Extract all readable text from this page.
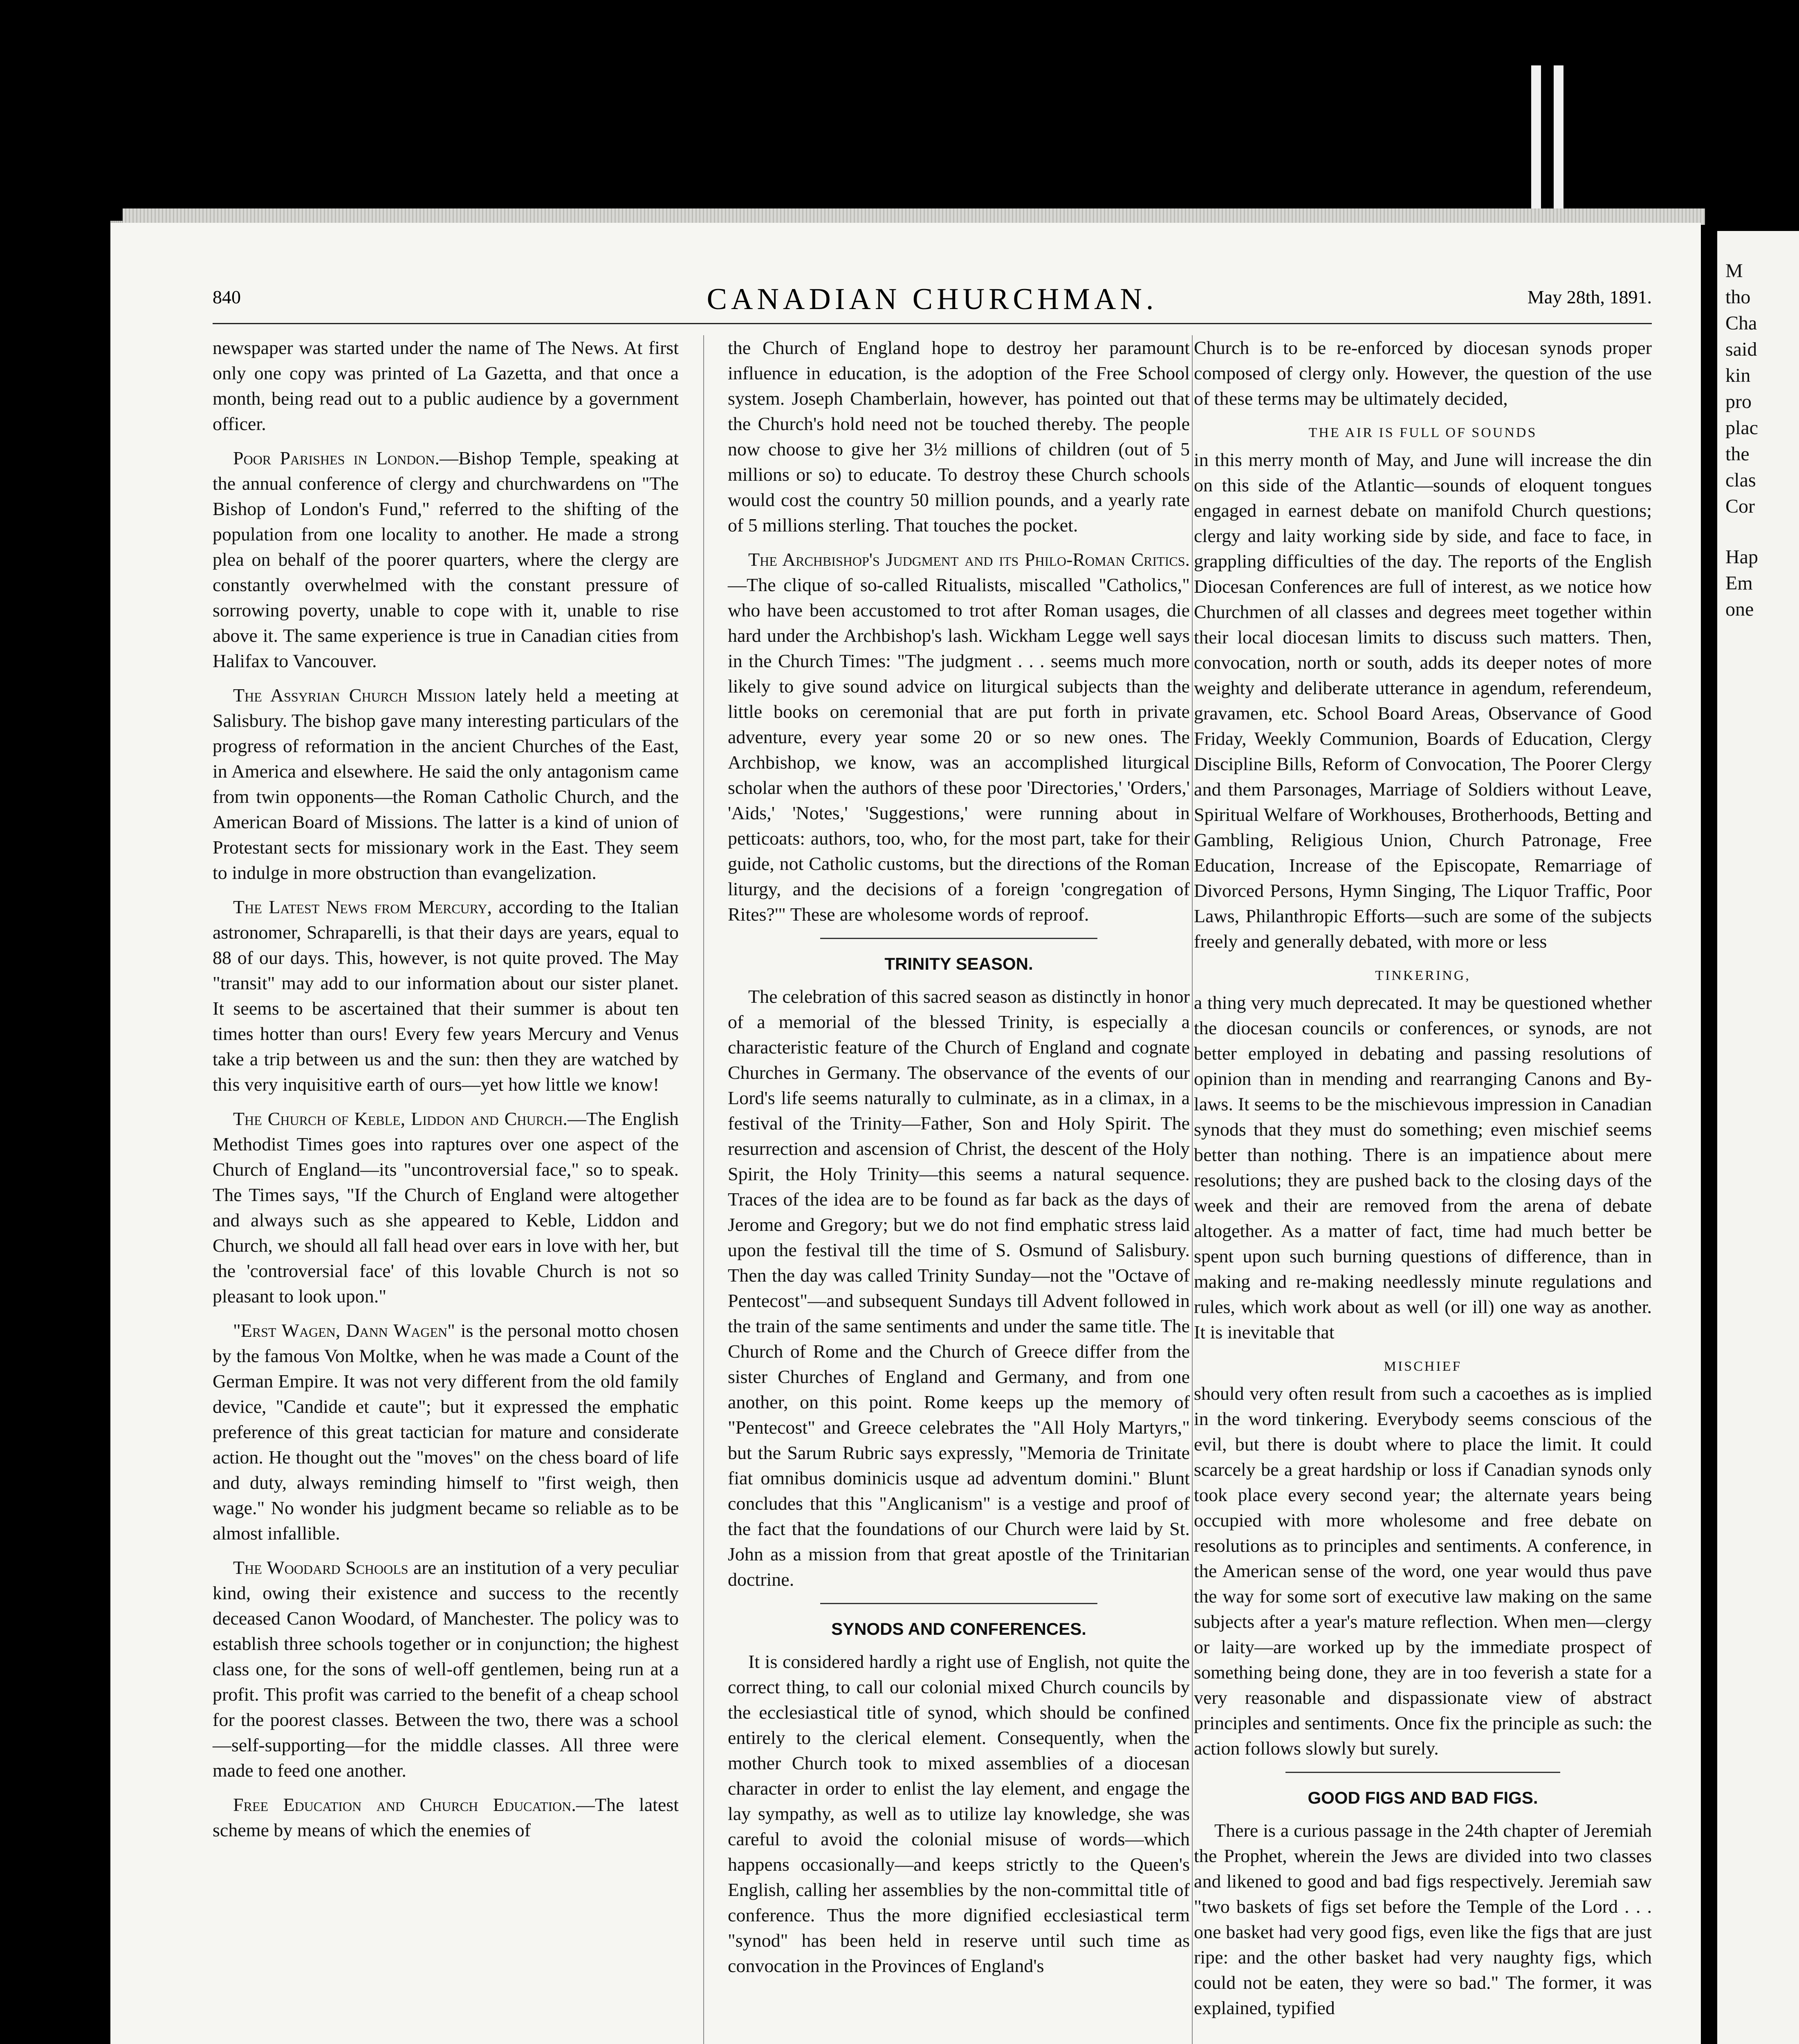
M
tho
Cha
said
kin
pro
plac
the
clas
Cor
Hap
Em
one
840	CANADIAN CHURCHMAN.	May 28th, 1891.

newspaper was started under the name of The News. At first only one copy was printed of La Gazetta, and that once a month, being read out to a public audience by a government officer.

Poor Parishes in London.—Bishop Temple, speaking at the annual conference of clergy and churchwardens on "The Bishop of London's Fund," referred to the shifting of the population from one locality to another. He made a strong plea on behalf of the poorer quarters, where the clergy are constantly overwhelmed with the constant pressure of sorrowing poverty, unable to cope with it, unable to rise above it. The same experience is true in Canadian cities from Halifax to Vancouver.

The Assyrian Church Mission lately held a meeting at Salisbury. The bishop gave many interesting particulars of the progress of reformation in the ancient Churches of the East, in America and elsewhere. He said the only antagonism came from twin opponents—the Roman Catholic Church, and the American Board of Missions. The latter is a kind of union of Protestant sects for missionary work in the East. They seem to indulge in more obstruction than evangelization.

The Latest News from Mercury, according to the Italian astronomer, Schraparelli, is that their days are years, equal to 88 of our days. This, however, is not quite proved. The May "transit" may add to our information about our sister planet. It seems to be ascertained that their summer is about ten times hotter than ours! Every few years Mercury and Venus take a trip between us and the sun: then they are watched by this very inquisitive earth of ours—yet how little we know!

The Church of Keble, Liddon and Church.—The English Methodist Times goes into raptures over one aspect of the Church of England—its "uncontroversial face," so to speak. The Times says, "If the Church of England were altogether and always such as she appeared to Keble, Liddon and Church, we should all fall head over ears in love with her, but the 'controversial face' of this lovable Church is not so pleasant to look upon."

"Erst Wagen, Dann Wagen" is the personal motto chosen by the famous Von Moltke, when he was made a Count of the German Empire. It was not very different from the old family device, "Candide et caute"; but it expressed the emphatic preference of this great tactician for mature and considerate action. He thought out the "moves" on the chess board of life and duty, always reminding himself to "first weigh, then wage." No wonder his judgment became so reliable as to be almost infallible.

The Woodard Schools are an institution of a very peculiar kind, owing their existence and success to the recently deceased Canon Woodard, of Manchester. The policy was to establish three schools together or in conjunction; the highest class one, for the sons of well-off gentlemen, being run at a profit. This profit was carried to the benefit of a cheap school for the poorest classes. Between the two, there was a school—self-supporting—for the middle classes. All three were made to feed one another.

Free Education and Church Education.—The latest scheme by means of which the enemies of

the Church of England hope to destroy her paramount influence in education, is the adoption of the Free School system. Joseph Chamberlain, however, has pointed out that the Church's hold need not be touched thereby. The people now choose to give her 3½ millions of children (out of 5 millions or so) to educate. To destroy these Church schools would cost the country 50 million pounds, and a yearly rate of 5 millions sterling. That touches the pocket.

The Archbishop's Judgment and its Philo-Roman Critics.—The clique of so-called Ritualists, miscalled "Catholics," who have been accustomed to trot after Roman usages, die hard under the Archbishop's lash. Wickham Legge well says in the Church Times: "The judgment . . . seems much more likely to give sound advice on liturgical subjects than the little books on ceremonial that are put forth in private adventure, every year some 20 or so new ones. The Archbishop, we know, was an accomplished liturgical scholar when the authors of these poor 'Directories,' 'Orders,' 'Aids,' 'Notes,' 'Suggestions,' were running about in petticoats: authors, too, who, for the most part, take for their guide, not Catholic customs, but the directions of the Roman liturgy, and the decisions of a foreign 'congregation of Rites?'" These are wholesome words of reproof.

TRINITY SEASON.

The celebration of this sacred season as distinctly in honor of a memorial of the blessed Trinity, is especially a characteristic feature of the Church of England and cognate Churches in Germany. The observance of the events of our Lord's life seems naturally to culminate, as in a climax, in a festival of the Trinity—Father, Son and Holy Spirit. The resurrection and ascension of Christ, the descent of the Holy Spirit, the Holy Trinity—this seems a natural sequence. Traces of the idea are to be found as far back as the days of Jerome and Gregory; but we do not find emphatic stress laid upon the festival till the time of S. Osmund of Salisbury. Then the day was called Trinity Sunday—not the "Octave of Pentecost"—and subsequent Sundays till Advent followed in the train of the same sentiments and under the same title. The Church of Rome and the Church of Greece differ from the sister Churches of England and Germany, and from one another, on this point. Rome keeps up the memory of "Pentecost" and Greece celebrates the "All Holy Martyrs," but the Sarum Rubric says expressly, "Memoria de Trinitate fiat omnibus dominicis usque ad adventum domini." Blunt concludes that this "Anglicanism" is a vestige and proof of the fact that the foundations of our Church were laid by St. John as a mission from that great apostle of the Trinitarian doctrine.

SYNODS AND CONFERENCES.

It is considered hardly a right use of English, not quite the correct thing, to call our colonial mixed Church councils by the ecclesiastical title of synod, which should be confined entirely to the clerical element. Consequently, when the mother Church took to mixed assemblies of a diocesan character in order to enlist the lay element, and engage the lay sympathy, as well as to utilize lay knowledge, she was careful to avoid the colonial misuse of words—which happens occasionally—and keeps strictly to the Queen's English, calling her assemblies by the non-committal title of conference. Thus the more dignified ecclesiastical term "synod" has been held in reserve until such time as convocation in the Provinces of England's

Church is to be re-enforced by diocesan synods proper composed of clergy only. However, the question of the use of these terms may be ultimately decided,

THE AIR IS FULL OF SOUNDS

in this merry month of May, and June will increase the din on this side of the Atlantic—sounds of eloquent tongues engaged in earnest debate on manifold Church questions; clergy and laity working side by side, and face to face, in grappling difficulties of the day. The reports of the English Diocesan Conferences are full of interest, as we notice how Churchmen of all classes and degrees meet together within their local diocesan limits to discuss such matters. Then, convocation, north or south, adds its deeper notes of more weighty and deliberate utterance in agendum, referendeum, gravamen, etc. School Board Areas, Observance of Good Friday, Weekly Communion, Boards of Education, Clergy Discipline Bills, Reform of Convocation, The Poorer Clergy and them Parsonages, Marriage of Soldiers without Leave, Spiritual Welfare of Workhouses, Brotherhoods, Betting and Gambling, Religious Union, Church Patronage, Free Education, Increase of the Episcopate, Remarriage of Divorced Persons, Hymn Singing, The Liquor Traffic, Poor Laws, Philanthropic Efforts—such are some of the subjects freely and generally debated, with more or less

TINKERING,

a thing very much deprecated. It may be questioned whether the diocesan councils or conferences, or synods, are not better employed in debating and passing resolutions of opinion than in mending and rearranging Canons and By-laws. It seems to be the mischievous impression in Canadian synods that they must do something; even mischief seems better than nothing. There is an impatience about mere resolutions; they are pushed back to the closing days of the week and their are removed from the arena of debate altogether. As a matter of fact, time had much better be spent upon such burning questions of difference, than in making and re-making needlessly minute regulations and rules, which work about as well (or ill) one way as another. It is inevitable that

MISCHIEF

should very often result from such a cacoethes as is implied in the word tinkering. Everybody seems conscious of the evil, but there is doubt where to place the limit. It could scarcely be a great hardship or loss if Canadian synods only took place every second year; the alternate years being occupied with more wholesome and free debate on resolutions as to principles and sentiments. A conference, in the American sense of the word, one year would thus pave the way for some sort of executive law making on the same subjects after a year's mature reflection. When men—clergy or laity—are worked up by the immediate prospect of something being done, they are in too feverish a state for a very reasonable and dispassionate view of abstract principles and sentiments. Once fix the principle as such: the action follows slowly but surely.

GOOD FIGS AND BAD FIGS.

There is a curious passage in the 24th chapter of Jeremiah the Prophet, wherein the Jews are divided into two classes and likened to good and bad figs respectively. Jeremiah saw "two baskets of figs set before the Temple of the Lord . . . one basket had very good figs, even like the figs that are just ripe: and the other basket had very naughty figs, which could not be eaten, they were so bad." The former, it was explained, typified
